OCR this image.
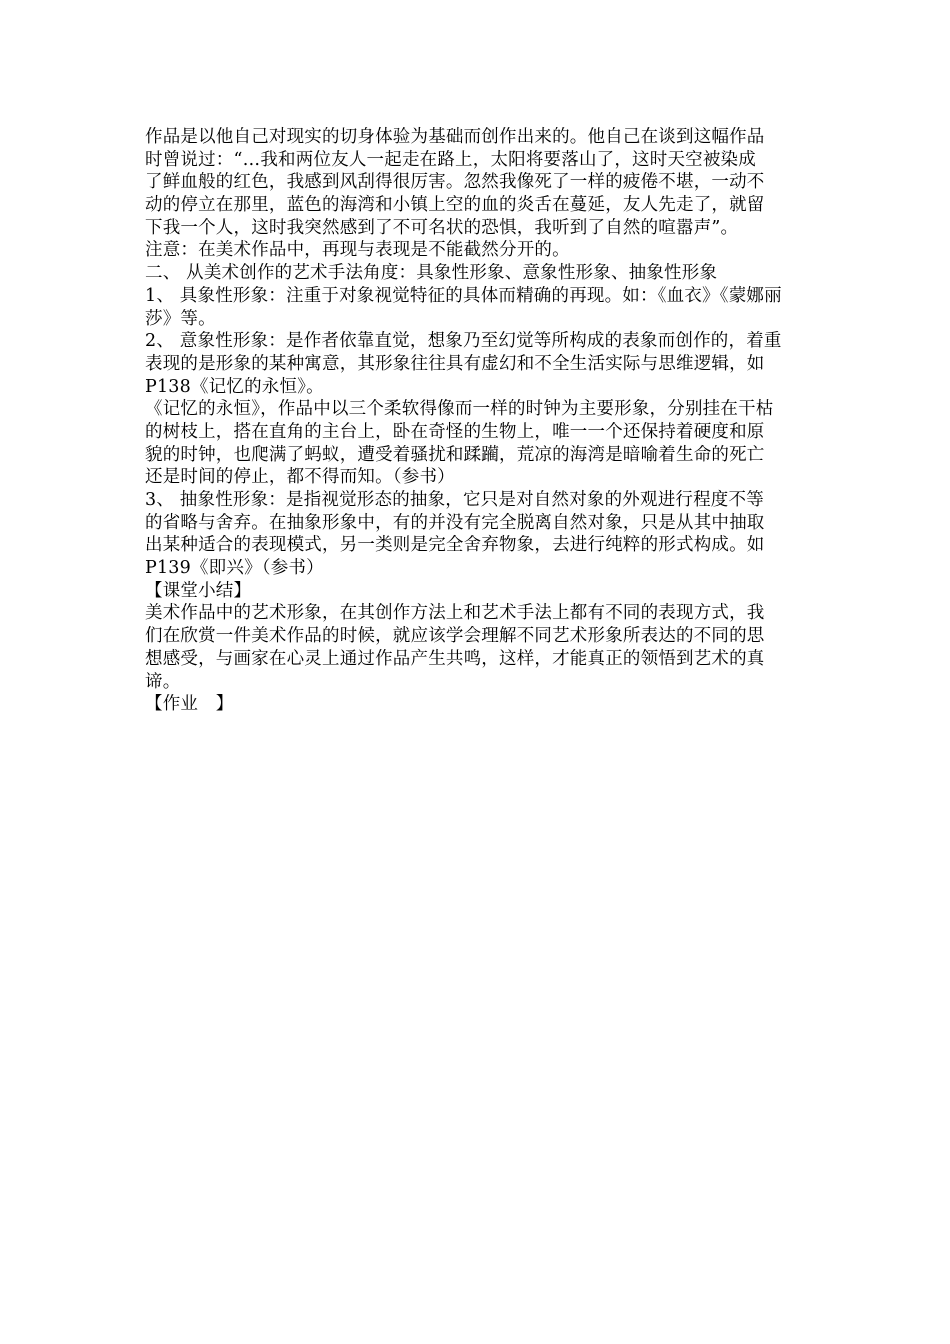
作品是以他自己对现实的切身体验为基础而创作出来的。他自己在谈到这幅作品
时曾说过：“…我和两位友人一起走在路上，太阳将要落山了，这时天空被染成
了鲜血般的红色，我感到风刮得很厉害。忽然我像死了一样的疲倦不堪，一动不
动的停立在那里，蓝色的海湾和小镇上空的血的炎舌在蔓延，友人先走了，就留
下我一个人，这时我突然感到了不可名状的恐惧，我听到了自然的喧嚣声”。
注意：在美术作品中，再现与表现是不能截然分开的。
二、 从美术创作的艺术手法角度：具象性形象、意象性形象、抽象性形象
1、 具象性形象：注重于对象视觉特征的具体而精确的再现。如：《血衣》《蒙娜丽
莎》等。
2、 意象性形象：是作者依靠直觉，想象乃至幻觉等所构成的表象而创作的，着重
表现的是形象的某种寓意，其形象往往具有虚幻和不全生活实际与思维逻辑，如
P138《记忆的永恒》。
《记忆的永恒》，作品中以三个柔软得像而一样的时钟为主要形象，分别挂在干枯
的树枝上，搭在直角的主台上，卧在奇怪的生物上，唯一一个还保持着硬度和原
貌的时钟，也爬满了蚂蚁，遭受着骚扰和蹂躏，荒凉的海湾是暗喻着生命的死亡
还是时间的停止，都不得而知。（参书）
3、 抽象性形象：是指视觉形态的抽象，它只是对自然对象的外观进行程度不等
的省略与舍弃。在抽象形象中，有的并没有完全脱离自然对象，只是从其中抽取
出某种适合的表现模式，另一类则是完全舍弃物象，去进行纯粹的形式构成。如
P139《即兴》（参书）
【课堂小结】
美术作品中的艺术形象，在其创作方法上和艺术手法上都有不同的表现方式，我
们在欣赏一件美术作品的时候，就应该学会理解不同艺术形象所表达的不同的思
想感受，与画家在心灵上通过作品产生共鸣，这样，才能真正的领悟到艺术的真
谛。
【作业　】
